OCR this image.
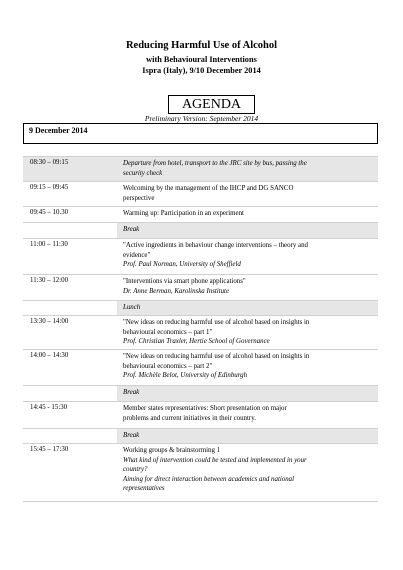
Reducing Harmful Use of Alcohol
with Behavioural Interventions
Ispra (Italy), 9/10 December 2014
AGENDA
Preliminary Version: September 2014
9 December 2014
08:30 – 09:15	Departure from hotel, transport to the JRC site by bus, passing the
security check
09:15 – 09:45	Welcoming by the management of the IHCP and DG SANCO
perspective
09:45 – 10.30	Warming up: Participation in an experiment
Break
11:00 – 11:30	"Active ingredients in behaviour change interventions – theory and
evidence"
Prof. Paul Norman, University of Sheffield
11:30 – 12:00	"Interventions via smart phone applications"
Dr. Anne Berman, Karolinska Institute
Lunch
13:30 – 14:00	"New ideas on reducing harmful use of alcohol based on insights in
behavioural economics – part 1"
Prof. Christian Traxler, Hertie School of Governance
14:00 – 14:30	"New ideas on reducing harmful use of alcohol based on insights in
behavioural economics – part 2"
Prof. Michèle Belot, University of Edinburgh
Break
14:45 - 15:30	Member states representatives: Short presentation on major
problems and current initiatives in their country.
Break
15:45 – 17:30	Working groups & brainstorming 1
What kind of intervention could be tested and implemented in your
country?
Aiming for direct interaction between academics and national
representatives
